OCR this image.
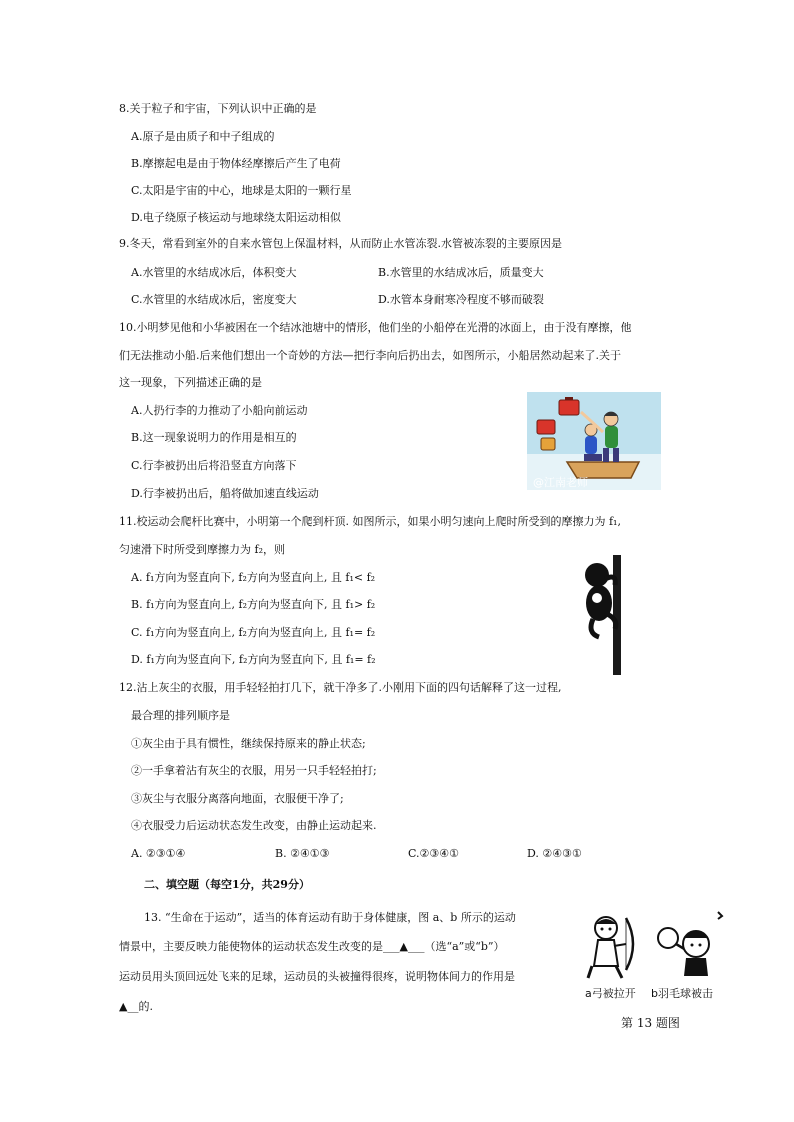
8.关于粒子和宇宙，下列认识中正确的是
A.原子是由质子和中子组成的
B.摩擦起电是由于物体经摩擦后产生了电荷
C.太阳是宇宙的中心，地球是太阳的一颗行星
D.电子绕原子核运动与地球绕太阳运动相似
9.冬天，常看到室外的自来水管包上保温材料，从而防止水管冻裂.水管被冻裂的主要原因是
A.水管里的水结成冰后，体积变大	B.水管里的水结成冰后，质量变大
C.水管里的水结成冰后，密度变大	D.水管本身耐寒冷程度不够而破裂
10.小明梦见他和小华被困在一个结冰池塘中的情形，他们坐的小船停在光滑的冰面上，由于没有摩擦，他
们无法推动小船.后来他们想出一个奇妙的方法—把行李向后扔出去，如图所示，小船居然动起来了.关于
这一现象，下列描述正确的是
A.人扔行李的力推动了小船向前运动
B.这一现象说明力的作用是相互的
C.行李被扔出后将沿竖直方向落下
D.行李被扔出后，船将做加速直线运动
@江南老师
11.校运动会爬杆比赛中，小明第一个爬到杆顶. 如图所示，如果小明匀速向上爬时所受到的摩擦力为 f₁,
匀速滑下时所受到摩擦力为 f₂，则
A. f₁方向为竖直向下, f₂方向为竖直向上, 且 f₁< f₂
B. f₁方向为竖直向上, f₂方向为竖直向下, 且 f₁> f₂
C. f₁方向为竖直向上, f₂方向为竖直向上, 且 f₁= f₂
D. f₁方向为竖直向下, f₂方向为竖直向下, 且 f₁= f₂
12.沾上灰尘的衣服，用手轻轻拍打几下，就干净多了.小刚用下面的四句话解释了这一过程,
最合理的排列顺序是
①灰尘由于具有惯性，继续保持原来的静止状态;
②一手拿着沾有灰尘的衣服，用另一只手轻轻拍打;
③灰尘与衣服分离落向地面，衣服便干净了;
④衣服受力后运动状态发生改变，由静止运动起来.
A. ②③①④	B. ②④①③	C.②③④①	D. ②④③①
二、填空题（每空1分，共29分）
13. “生命在于运动”，适当的体育运动有助于身体健康，图 a、b 所示的运动
情景中，主要反映力能使物体的运动状态发生改变的是___▲___（选“a”或“b”）
运动员用头顶回远处飞来的足球，运动员的头被撞得很疼，说明物体间力的作用是
▲__的.
a弓被拉开 b羽毛球被击
第 13 题图
